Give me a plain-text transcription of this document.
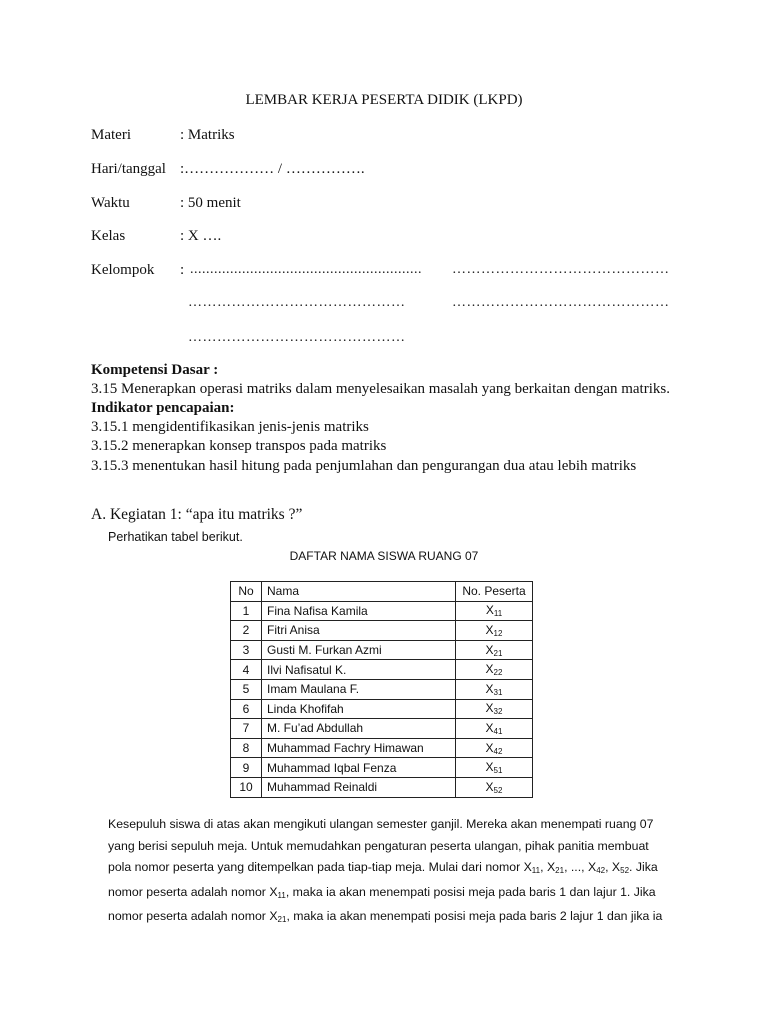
LEMBAR KERJA PESERTA DIDIK (LKPD)
Materi	: Matriks
Hari/tanggal :……………… / …………….
Waktu	: 50 menit
Kelas	: X ….
Kelompok : .......................................................... ………………………………………
………………………………………	………………………………………
………………………………………
Kompetensi Dasar :
3.15 Menerapkan operasi matriks dalam menyelesaikan masalah yang berkaitan dengan matriks.
Indikator pencapaian:
3.15.1 mengidentifikasikan jenis-jenis matriks
3.15.2 menerapkan konsep transpos pada matriks
3.15.3 menentukan hasil hitung pada penjumlahan dan pengurangan dua atau lebih matriks
A. Kegiatan 1: “apa itu matriks ?”
Perhatikan tabel berikut.
DAFTAR NAMA SISWA RUANG 07
No	Nama	No. Peserta
1	Fina Nafisa Kamila	$X_{11}$
2	Fitri Anisa	$X_{12}$
3	Gusti M. Furkan Azmi	$X_{21}$
4	Ilvi Nafisatul K.	$X_{22}$
5	Imam Maulana F.	$X_{31}$
6	Linda Khofifah	$X_{32}$
7	M. Fu’ad Abdullah	$X_{41}$
8	Muhammad Fachry Himawan	$X_{42}$
9	Muhammad Iqbal Fenza	$X_{51}$
10	Muhammad Reinaldi	$X_{52}$

Kesepuluh siswa di atas akan mengikuti ulangan semester ganjil. Mereka akan menempati ruang 07

yang berisi sepuluh meja. Untuk memudahkan pengaturan peserta ulangan, pihak panitia membuat

pola nomor peserta yang ditempelkan pada tiap-tiap meja. Mulai dari nomor $X_{11}$, $X_{21}$, ..., $X_{42}$, $X_{52}$. Jika

nomor peserta adalah nomor $X_{11}$, maka ia akan menempati posisi meja pada baris 1 dan lajur 1. Jika

nomor peserta adalah nomor $X_{21}$, maka ia akan menempati posisi meja pada baris 2 lajur 1 dan jika ia
